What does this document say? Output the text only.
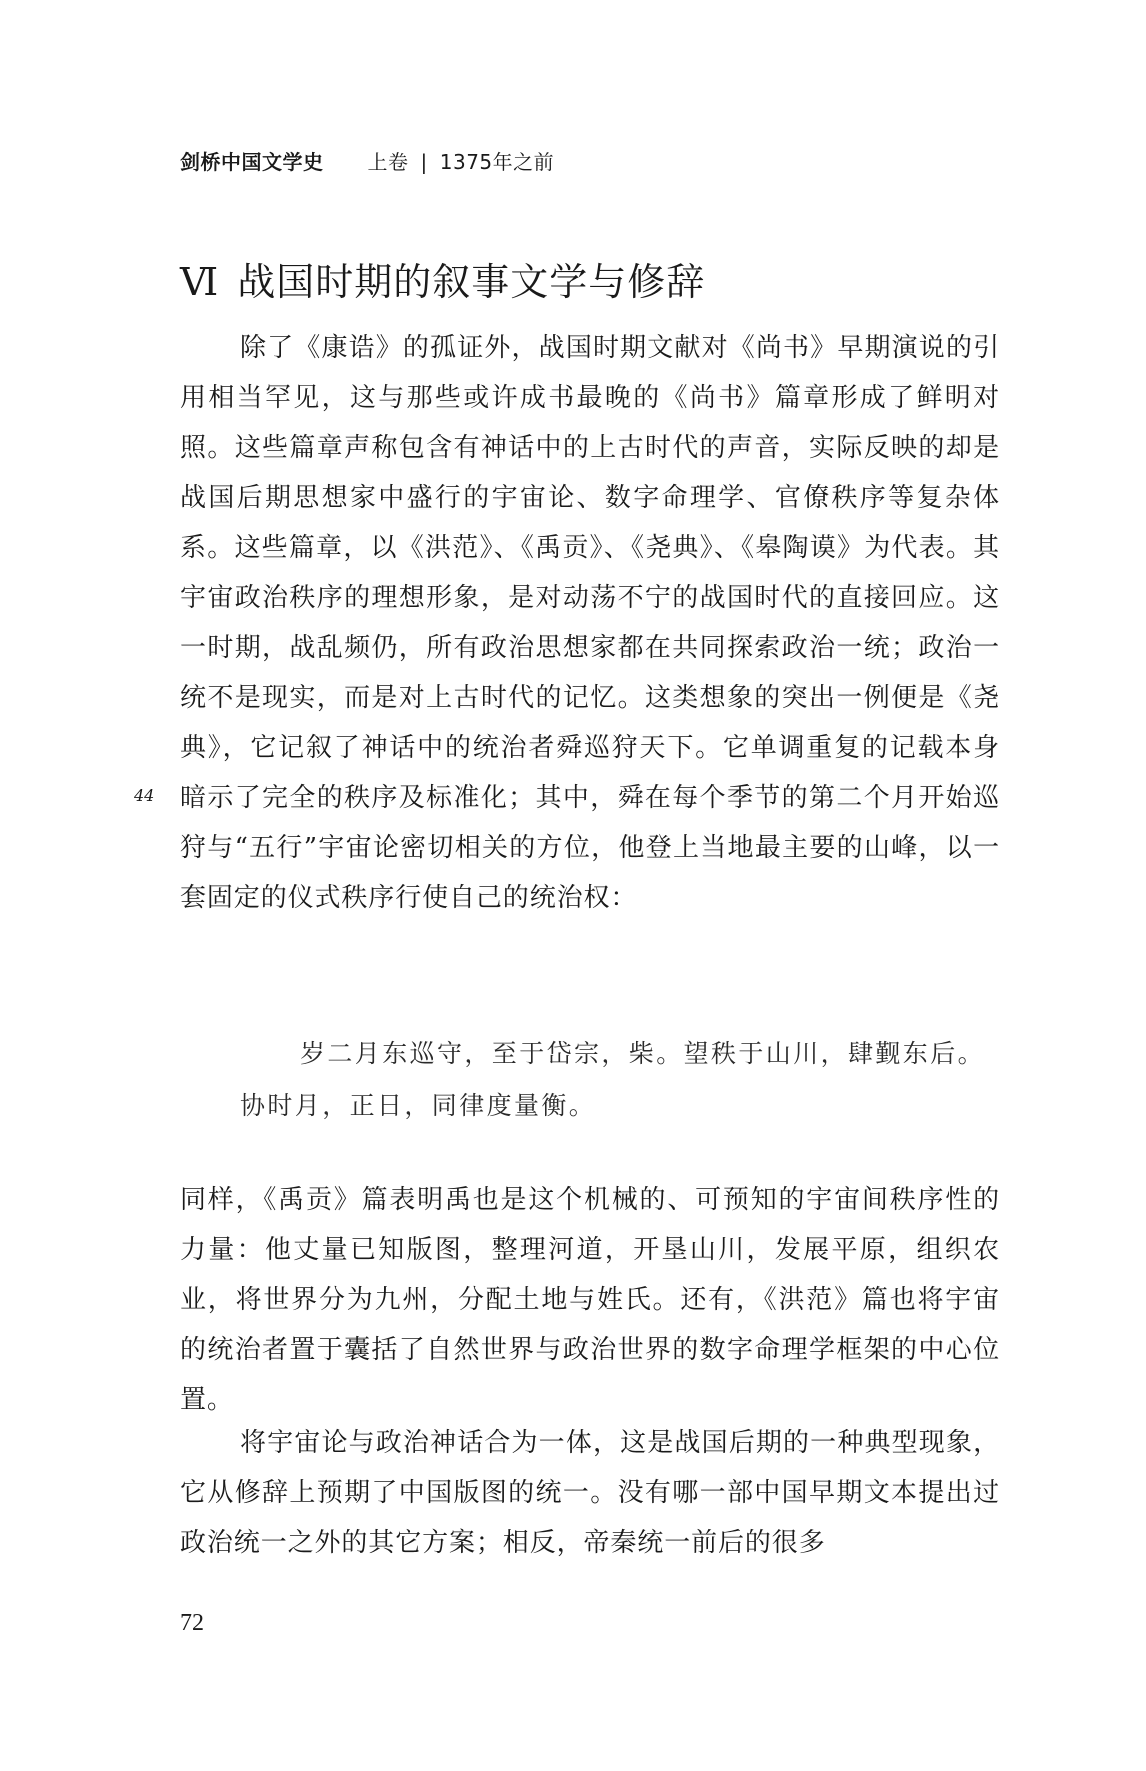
剑桥中国文学史 上卷 | 1375年之前
Ⅵ 战国时期的叙事文学与修辞

除了《康诰》的孤证外，战国时期文献对《尚书》早期演说的引用相当罕见，这与那些或许成书最晚的《尚书》篇章形成了鲜明对照。这些篇章声称包含有神话中的上古时代的声音，实际反映的却是战国后期思想家中盛行的宇宙论、数字命理学、官僚秩序等复杂体系。这些篇章，以《洪范》、《禹贡》、《尧典》、《皋陶谟》为代表。其宇宙政治秩序的理想形象，是对动荡不宁的战国时代的直接回应。这一时期，战乱频仍，所有政治思想家都在共同探索政治一统；政治一统不是现实，而是对上古时代的记忆。这类想象的突出一例便是《尧典》，它记叙了神话中的统治者舜巡狩天下。它单调重复的记载本身暗示了完全的秩序及标准化；其中，舜在每个季节的第二个月开始巡狩与“五行”宇宙论密切相关的方位，他登上当地最主要的山峰，以一套固定的仪式秩序行使自己的统治权：

44

岁二月东巡守，至于岱宗，柴。望秩于山川，肆觐东后。协时月，正日，同律度量衡。

同样，《禹贡》篇表明禹也是这个机械的、可预知的宇宙间秩序性的力量：他丈量已知版图，整理河道，开垦山川，发展平原，组织农业，将世界分为九州，分配土地与姓氏。还有，《洪范》篇也将宇宙的统治者置于囊括了自然世界与政治世界的数字命理学框架的中心位置。

将宇宙论与政治神话合为一体，这是战国后期的一种典型现象，它从修辞上预期了中国版图的统一。没有哪一部中国早期文本提出过政治统一之外的其它方案；相反，帝秦统一前后的很多

72
